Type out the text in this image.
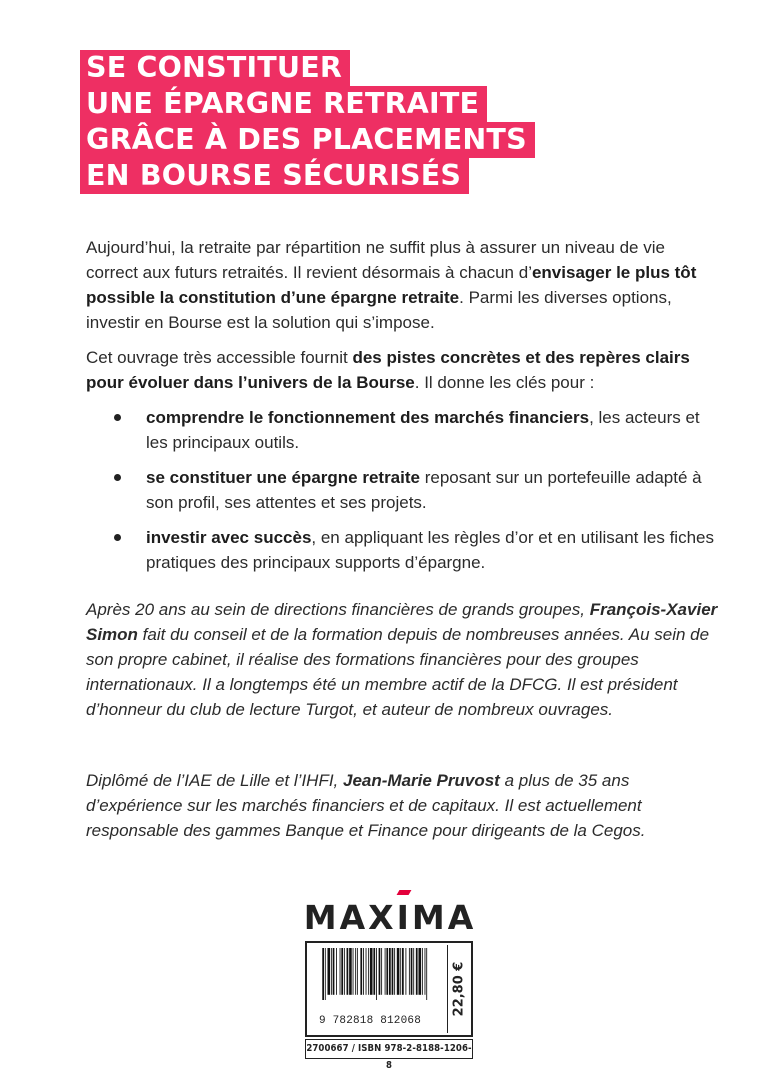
SE CONSTITUER
UNE ÉPARGNE RETRAITE
GRÂCE À DES PLACEMENTS
EN BOURSE SÉCURISÉS

Aujourd’hui, la retraite par répartition ne suffit plus à assurer un niveau de vie correct aux futurs retraités. Il revient désormais à chacun d’envisager le plus tôt possible la constitution d’une épargne retraite. Parmi les diverses options, investir en Bourse est la solution qui s’impose.

Cet ouvrage très accessible fournit des pistes concrètes et des repères clairs pour évoluer dans l’univers de la Bourse. Il donne les clés pour :

comprendre le fonctionnement des marchés financiers, les acteurs et les principaux outils.
se constituer une épargne retraite reposant sur un portefeuille adapté à son profil, ses attentes et ses projets.
investir avec succès, en appliquant les règles d’or et en utilisant les fiches pratiques des principaux supports d’épargne.
Après 20 ans au sein de directions financières de grands groupes, François-Xavier Simon fait du conseil et de la formation depuis de nombreuses années. Au sein de son propre cabinet, il réalise des formations financières pour des groupes internationaux. Il a longtemps été un membre actif de la DFCG. Il est président d’honneur du club de lecture Turgot, et auteur de nombreux ouvrages.
Diplômé de l’IAE de Lille et l’IHFI, Jean-Marie Pruvost a plus de 35 ans d’expérience sur les marchés financiers et de capitaux. Il est actuellement responsable des gammes Banque et Finance pour dirigeants de la Cegos.
MAX
IMA
9 782818 812068
22,80 €
2700667 / ISBN 978-2-8188-1206-8
